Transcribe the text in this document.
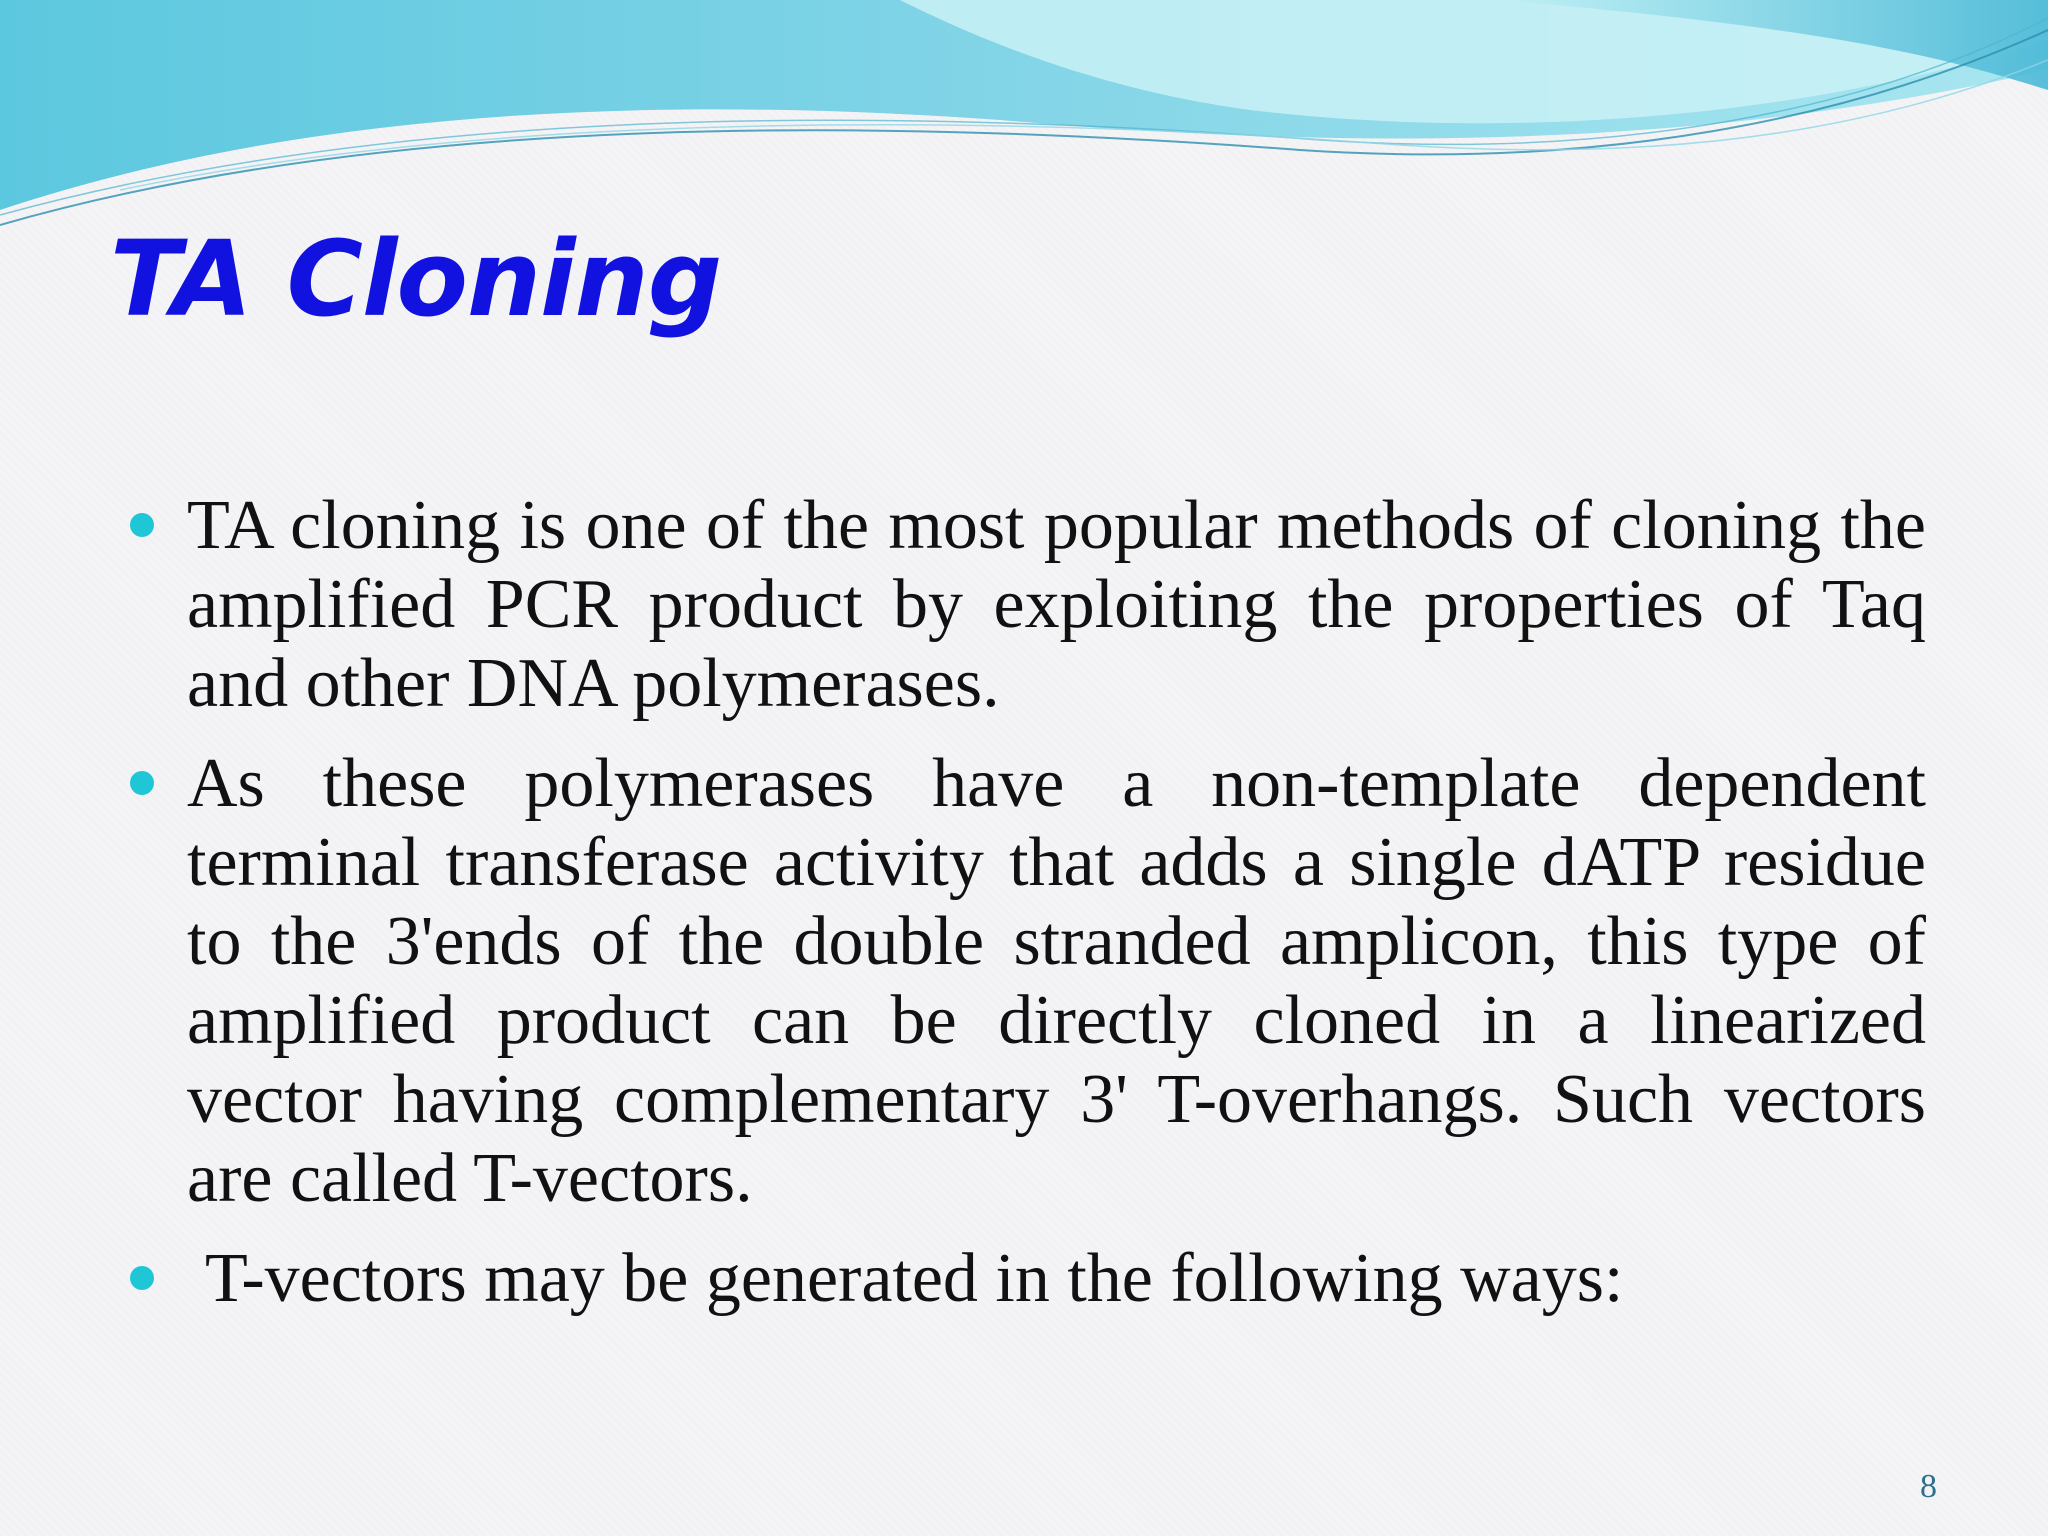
TA Cloning
TA cloning is one of the most popular methods of cloning the amplified PCR product by exploiting the properties of Taq and other DNA polymerases.
As these polymerases have a non-template dependent terminal transferase activity that adds a single dATP residue to the 3'ends of the double stranded amplicon, this type of amplified product can be directly cloned in a linearized vector having complementary 3' T-overhangs. Such vectors are called T-vectors.
T-vectors may be generated in the following ways:
8
